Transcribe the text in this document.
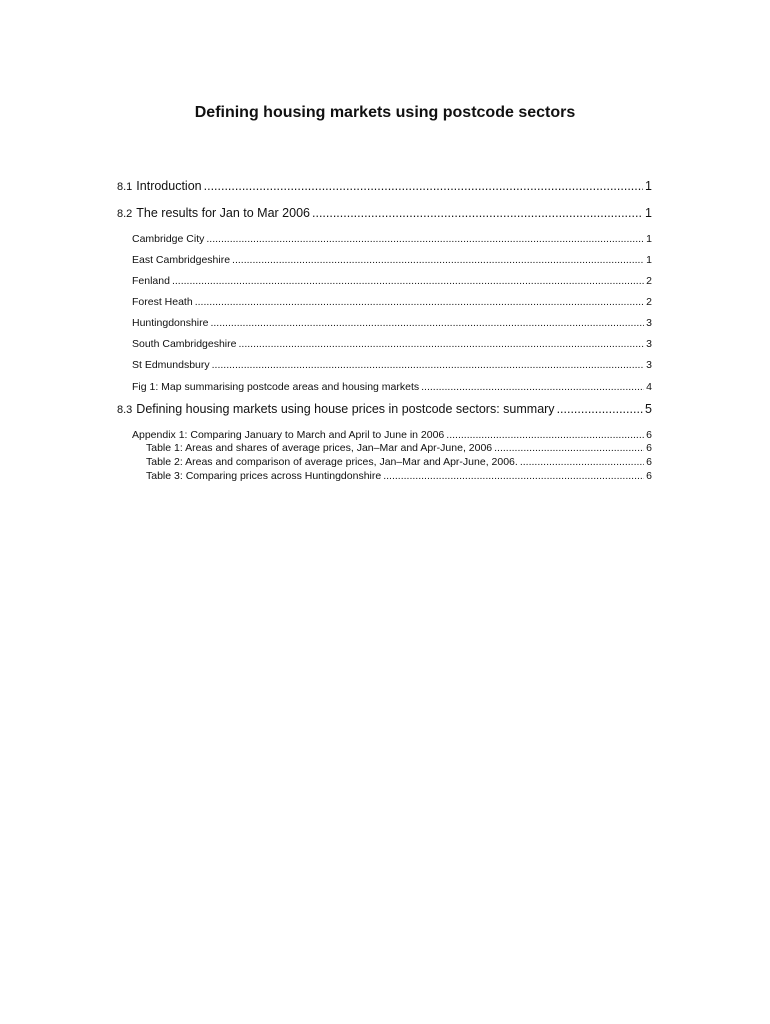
Defining housing markets using postcode sectors
8.1 Introduction .....	1
8.2 The results for Jan to Mar 2006 .....	1
Cambridge City .....	1
East Cambridgeshire .....	1
Fenland .....	2
Forest Heath .....	2
Huntingdonshire .....	3
South Cambridgeshire .....	3
St Edmundsbury .....	3
Fig 1: Map summarising postcode areas and housing markets .....	4
8.3 Defining housing markets using house prices in postcode sectors: summary .....	5
Appendix 1: Comparing January to March and April to June in 2006 .....	6
Table 1: Areas and shares of average prices, Jan–Mar and Apr-June, 2006 .....	6
Table 2: Areas and comparison of average prices, Jan–Mar and Apr-June, 2006. .....	6
Table 3: Comparing prices across Huntingdonshire .....	6
